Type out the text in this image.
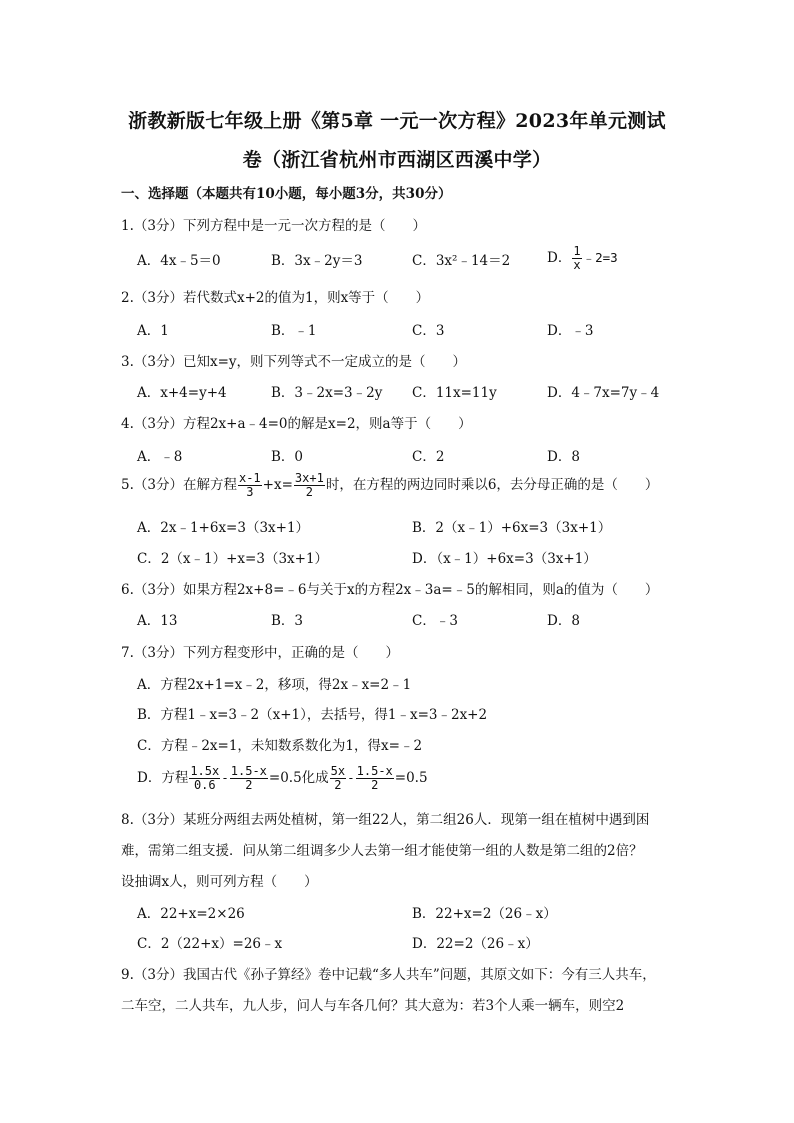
浙教新版七年级上册《第5章 一元一次方程》2023年单元测试
卷（浙江省杭州市西湖区西溪中学）
一、选择题（本题共有10小题，每小题3分，共30分）
1.（3分）下列方程中是一元一次方程的是（　　）
A．4x﹣5＝0	B．3x﹣2y＝3	C．3x²﹣14＝2	D． $\frac{1}{x}$ ﹣2=3
2.（3分）若代数式x+2的值为1，则x等于（　　）
A．1	B．﹣1	C．3	D．﹣3
3.（3分）已知x=y，则下列等式不一定成立的是（　　）
A．x+4=y+4	B．3﹣2x=3﹣2y C．11x=11y	D．4﹣7x=7y﹣4
4.（3分）方程2x+a﹣4=0的解是x=2，则a等于（　　）
A．﹣8	B．0	C．2	D．8
5.（3分）在解方程 $\frac{x-1}{3} +x= \frac{3x+1}{2}$ 时，在方程的两边同时乘以6，去分母正确的是（　　）
A．2x﹣1+6x=3（3x+1）	B．2（x﹣1）+6x=3（3x+1）
C．2（x﹣1）+x=3（3x+1）	D．（x﹣1）+6x=3（3x+1）
6.（3分）如果方程2x+8=﹣6与关于x的方程2x﹣3a=﹣5的解相同，则a的值为（　　）
A．13	B．3	C．﹣3	D．8
7.（3分）下列方程变形中，正确的是（　　）
A．方程2x+1=x﹣2，移项，得2x﹣x=2﹣1
B．方程1﹣x=3﹣2（x+1），去括号，得1﹣x=3﹣2x+2
C．方程﹣2x=1，未知数系数化为1，得x=﹣2
D．方程 $\frac{1.5x}{0.6} - \frac{1.5-x}{2} =0.5$化成 $\frac{5x}{2} - \frac{1.5-x}{2} =0.5$
8.（3分）某班分两组去两处植树，第一组22人，第二组26人．现第一组在植树中遇到困
难，需第二组支援．问从第二组调多少人去第一组才能使第一组的人数是第二组的2倍？
设抽调x人，则可列方程（　　）
A．22+x=2×26	B．22+x=2（26﹣x）
C．2（22+x）=26﹣x	D．22=2（26﹣x）
9.（3分）我国古代《孙子算经》卷中记载“多人共车”问题，其原文如下：今有三人共车，
二车空，二人共车，九人步，问人与车各几何？其大意为：若3个人乘一辆车，则空2
